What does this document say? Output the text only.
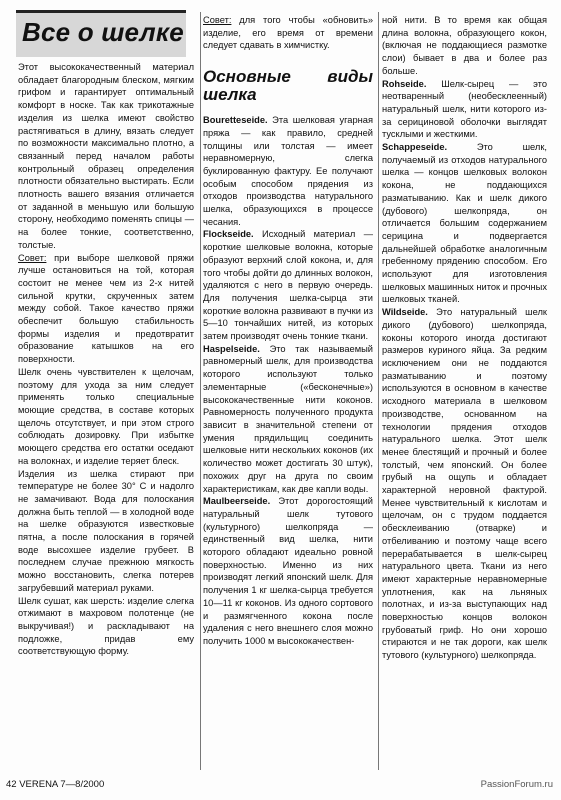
Все о шелке

Этот высококачественный материал обладает благородным блеском, мягким грифом и гарантирует оптимальный комфорт в носке. Так как трикотажные изделия из шелка имеют свойство растягиваться в длину, вязать следует по возможности максимально плотно, а связанный перед началом работы контрольный образец определения плотности обязательно выстирать. Если плотность вашего вязания отличается от заданной в меньшую или большую сторону, необходимо поменять спицы — на более тонкие, соответственно, толстые.

Совет: при выборе шелковой пряжи лучше остановиться на той, которая состоит не менее чем из 2-х нитей сильной крутки, скрученных затем между собой. Такое качество пряжи обеспечит большую стабильность формы изделия и предотвратит образование катышков на его поверхности.

Шелк очень чувствителен к щелочам, поэтому для ухода за ним следует применять только специальные моющие средства, в составе которых щелочь отсутствует, и при этом строго соблюдать дозировку. При избытке моющего средства его остатки оседают на волокнах, и изделие теряет блеск.

Изделия из шелка стирают при температуре не более 30° С и надолго не замачивают. Вода для полоскания должна быть теплой — в холодной воде на шелке образуются известковые пятна, а после полоскания в горячей воде высохшее изделие грубеет. В последнем случае прежнюю мягкость можно восстановить, слегка потерев загрубевший материал руками.

Шелк сушат, как шерсть: изделие слегка отжимают в махровом полотенце (не выкручивая!) и раскладывают на подложке, придав ему соответствующую форму.

Совет: для того чтобы «обновить» изделие, его время от времени следует сдавать в химчистку.

Основные виды шелка

Bouretteseide. Эта шелковая угарная пряжа — как правило, средней толщины или толстая — имеет неравномерную, слегка буклированную фактуру. Ее получают особым способом прядения из отходов производства натурального шелка, образующихся в процессе чесания.

Flockseide. Исходный материал — короткие шелковые волокна, которые образуют верхний слой кокона, и, для того чтобы дойти до длинных волокон, удаляются с него в первую очередь. Для получения шелка-сырца эти короткие волокна развивают в пучки из 5—10 тончайших нитей, из которых затем производят очень тонкие ткани.

Haspelseide. Это так называемый равномерный шелк, для производства которого используют только элементарные («бесконечные») высококачественные нити коконов. Равномерность полученного продукта зависит в значительной степени от умения прядильщиц соединить шелковые нити нескольких коконов (их количество может достигать 30 штук), похожих друг на друга по своим характеристикам, как две капли воды.

Maulbeerseide. Этот дорогостоящий натуральный шелк тутового (культурного) шелкопряда — единственный вид шелка, нити которого обладают идеально ровной поверхностью. Именно из них производят легкий японский шелк. Для получения 1 кг шелка-сырца требуется 10—11 кг коконов. Из одного сортового и размягченного кокона после удаления с него внешнего слоя можно получить 1000 м высококачествен-

ной нити. В то время как общая длина волокна, образующего кокон, (включая не поддающиеся размотке слои) бывает в два и более раз больше.

Rohseide. Шелк-сырец — это неотваренный (необесклеенный) натуральный шелк, нити которого из-за серициновой оболочки выглядят тусклыми и жесткими.

Schappeseide. Это шелк, получаемый из отходов натурального шелка — концов шелковых волокон кокона, не поддающихся разматыванию. Как и шелк дикого (дубового) шелкопряда, он отличается большим содержанием серицина и подвергается дальнейшей обработке аналогичным гребенному прядению способом. Его используют для изготовления шелковых машинных ниток и прочных шелковых тканей.

Wildseide. Это натуральный шелк дикого (дубового) шелкопряда, коконы которого иногда достигают размеров куриного яйца. За редким исключением они не поддаются разматыванию и поэтому используются в основном в качестве исходного материала в шелковом производстве, основанном на технологии прядения отходов натурального шелка. Этот шелк менее блестящий и прочный и более толстый, чем японский. Он более грубый на ощупь и обладает характерной неровной фактурой. Менее чувствительный к кислотам и щелочам, он с трудом поддается обесклеиванию (отварке) и отбеливанию и поэтому чаще всего перерабатывается в шелк-сырец натурального цвета. Ткани из него имеют характерные неравномерные уплотнения, как на льняных полотнах, и из-за выступающих над поверхностью концов волокон грубоватый гриф. Но они хорошо стираются и не так дороги, как шелк тутового (культурного) шелкопряда.

42 VERENA 7—8/2000	PassionForum.ru
